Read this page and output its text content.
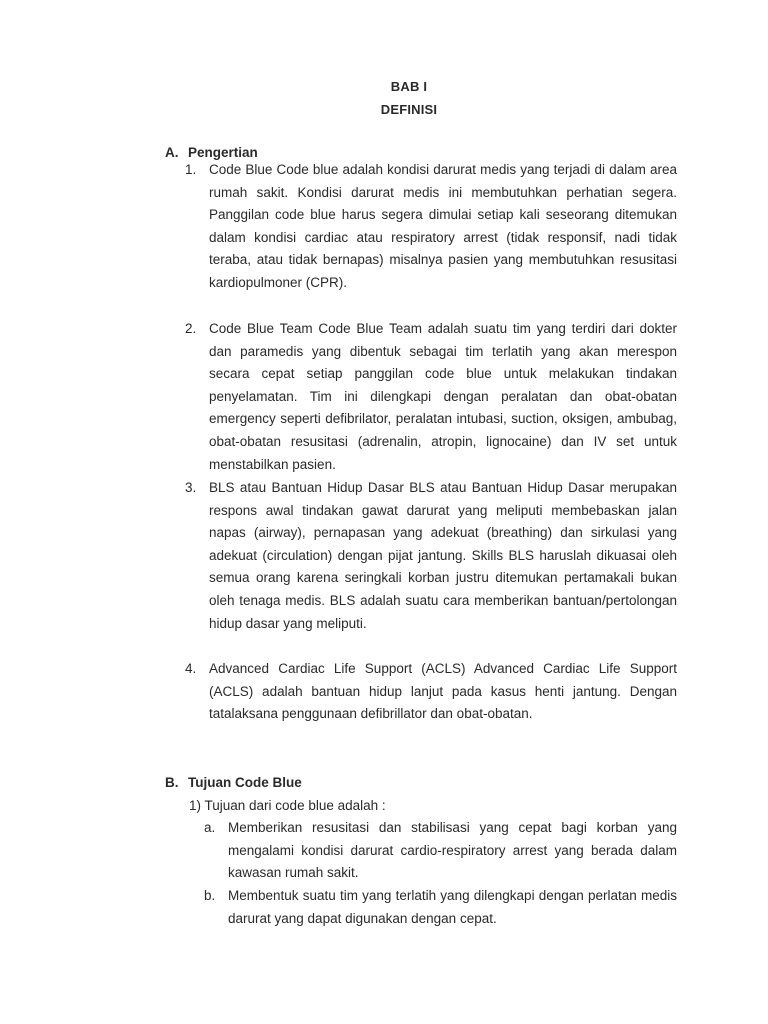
BAB I
DEFINISI
A. Pengertian
1. Code Blue Code blue adalah kondisi darurat medis yang terjadi di dalam area rumah sakit. Kondisi darurat medis ini membutuhkan perhatian segera. Panggilan code blue harus segera dimulai setiap kali seseorang ditemukan dalam kondisi cardiac atau respiratory arrest (tidak responsif, nadi tidak teraba, atau tidak bernapas) misalnya pasien yang membutuhkan resusitasi kardiopulmoner (CPR).
2. Code Blue Team Code Blue Team adalah suatu tim yang terdiri dari dokter dan paramedis yang dibentuk sebagai tim terlatih yang akan merespon secara cepat setiap panggilan code blue untuk melakukan tindakan penyelamatan. Tim ini dilengkapi dengan peralatan dan obat-obatan emergency seperti defibrilator, peralatan intubasi, suction, oksigen, ambubag, obat-obatan resusitasi (adrenalin, atropin, lignocaine) dan IV set untuk menstabilkan pasien.
3. BLS atau Bantuan Hidup Dasar BLS atau Bantuan Hidup Dasar merupakan respons awal tindakan gawat darurat yang meliputi membebaskan jalan napas (airway), pernapasan yang adekuat (breathing) dan sirkulasi yang adekuat (circulation) dengan pijat jantung. Skills BLS haruslah dikuasai oleh semua orang karena seringkali korban justru ditemukan pertamakali bukan oleh tenaga medis. BLS adalah suatu cara memberikan bantuan/pertolongan hidup dasar yang meliputi.
4. Advanced Cardiac Life Support (ACLS) Advanced Cardiac Life Support (ACLS) adalah bantuan hidup lanjut pada kasus henti jantung. Dengan tatalaksana penggunaan defibrillator dan obat-obatan.
B. Tujuan Code Blue
1) Tujuan dari code blue adalah :
a. Memberikan resusitasi dan stabilisasi yang cepat bagi korban yang mengalami kondisi darurat cardio-respiratory arrest yang berada dalam kawasan rumah sakit.
b. Membentuk suatu tim yang terlatih yang dilengkapi dengan perlatan medis darurat yang dapat digunakan dengan cepat.
